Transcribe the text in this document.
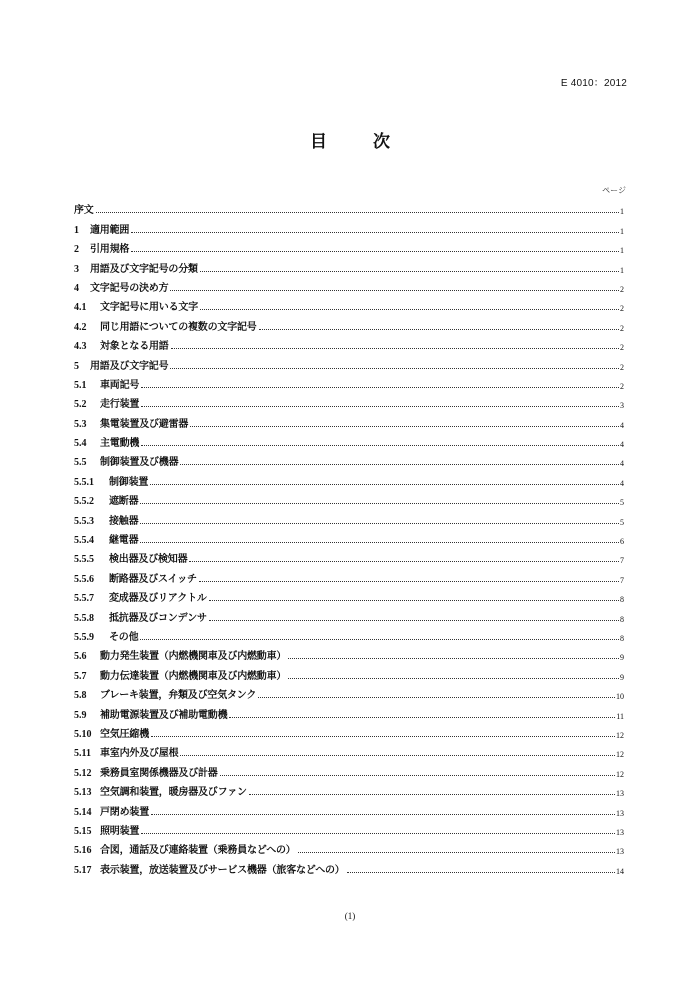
E 4010：2012
目 次
ページ
序文	1
1	適用範囲	1
2	引用規格	1
3	用語及び文字記号の分類	1
4	文字記号の決め方	2
4.1	文字記号に用いる文字	2
4.2	同じ用語についての複数の文字記号	2
4.3	対象となる用語	2
5	用語及び文字記号	2
5.1	車両記号	2
5.2	走行装置	3
5.3	集電装置及び避雷器	4
5.4	主電動機	4
5.5	制御装置及び機器	4
5.5.1	制御装置	4
5.5.2	遮断器	5
5.5.3	接触器	5
5.5.4	継電器	6
5.5.5	検出器及び検知器	7
5.5.6	断路器及びスイッチ	7
5.5.7	変成器及びリアクトル	8
5.5.8	抵抗器及びコンデンサ	8
5.5.9	その他	8
5.6	動力発生装置（内燃機関車及び内燃動車）	9
5.7	動力伝達装置（内燃機関車及び内燃動車）	9
5.8	ブレーキ装置，弁類及び空気タンク	10
5.9	補助電源装置及び補助電動機	11
5.10 空気圧縮機	12
5.11 車室内外及び屋根	12
5.12 乗務員室関係機器及び計器	12
5.13 空気調和装置，暖房器及びファン	13
5.14 戸閉め装置	13
5.15 照明装置	13
5.16 合図，通話及び連絡装置（乗務員などへの）	13
5.17 表示装置，放送装置及びサービス機器（旅客などへの）	14
(1)
